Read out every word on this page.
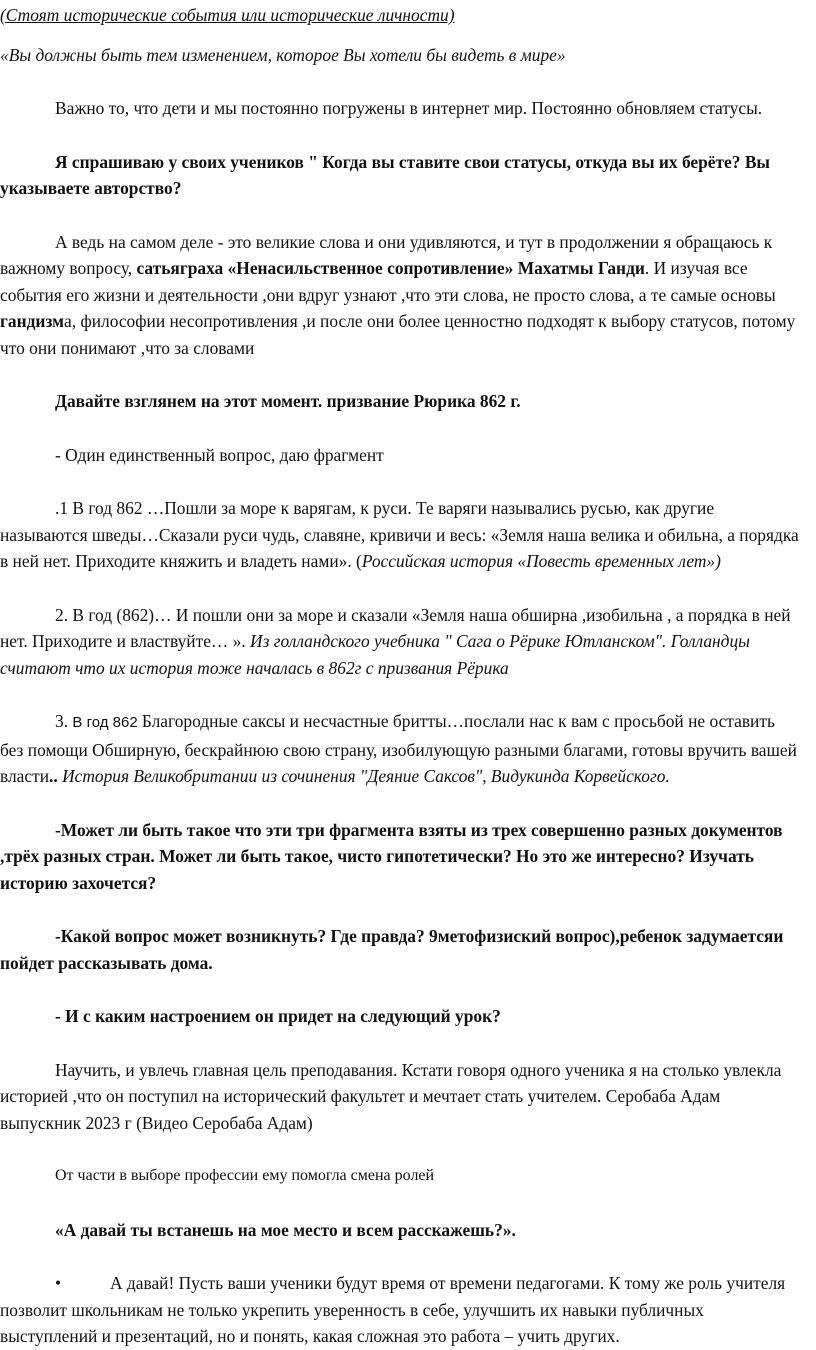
(Стоят исторические события или исторические личности)

«Вы должны быть тем изменением, которое Вы хотели бы видеть в мире»

Важно то, что дети и мы постоянно погружены в интернет мир. Постоянно обновляем статусы.

Я спрашиваю у своих учеников " Когда вы ставите свои статусы, откуда вы их берёте? Вы указываете авторство?

А ведь на самом деле - это великие слова и они удивляются, и тут в продолжении я обращаюсь к важному вопросу, сатьяграха «Ненасильственное сопротивление» Махатмы Ганди. И изучая все события его жизни и деятельности ,они вдруг узнают ,что эти слова, не просто слова, а те самые основы гандизма, философии несопротивления ,и после они более ценностно подходят к выбору статусов, потому что они понимают ,что за словами

Давайте взглянем на этот момент. призвание Рюрика 862 г.

- Один единственный вопрос, даю фрагмент

.1 В год 862 …Пошли за море к варягам, к руси. Те варяги назывались русью, как другие называются шведы…Сказали руси чудь, славяне, кривичи и весь: «Земля наша велика и обильна, а порядка в ней нет. Приходите княжить и владеть нами». (Российская история «Повесть временных лет»)

2. В год (862)… И пошли они за море и сказали «Земля наша обширна ,изобильна , а порядка в ней нет. Приходите и властвуйте… ». Из голландского учебника " Сага о Рёрике Ютланском". Голландцы считают что их история тоже началась в 862г с призвания Рёрика

3. В год 862 Благородные саксы и несчастные бритты…послали нас к вам с просьбой не оставить без помощи Обширную, бескрайнюю свою страну, изобилующую разными благами, готовы вручить вашей власти.. История Великобритании из сочинения "Деяние Саксов", Видукинда Корвейского.

-Может ли быть такое что эти три фрагмента взяты из трех совершенно разных документов ,трёх разных стран. Может ли быть такое, чисто гипотетически? Но это же интересно? Изучать историю захочется?

-Какой вопрос может возникнуть? Где правда? 9метофизиский вопрос),ребенок задумаетсяи пойдет рассказывать дома.

- И с каким настроением он придет на следующий урок?

Научить, и увлечь главная цель преподавания. Кстати говоря одного ученика я на столько увлекла историей ,что он поступил на исторический факультет и мечтает стать учителем. Серобаба Адам выпускник 2023 г (Видео Серобаба Адам)

От части в выборе профессии ему помогла смена ролей

«А давай ты встанешь на мое место и всем расскажешь?».

•	А давай! Пусть ваши ученики будут время от времени педагогами. К тому же роль учителя позволит школьникам не только укрепить уверенность в себе, улучшить их навыки публичных выступлений и презентаций, но и понять, какая сложная это работа – учить других.
